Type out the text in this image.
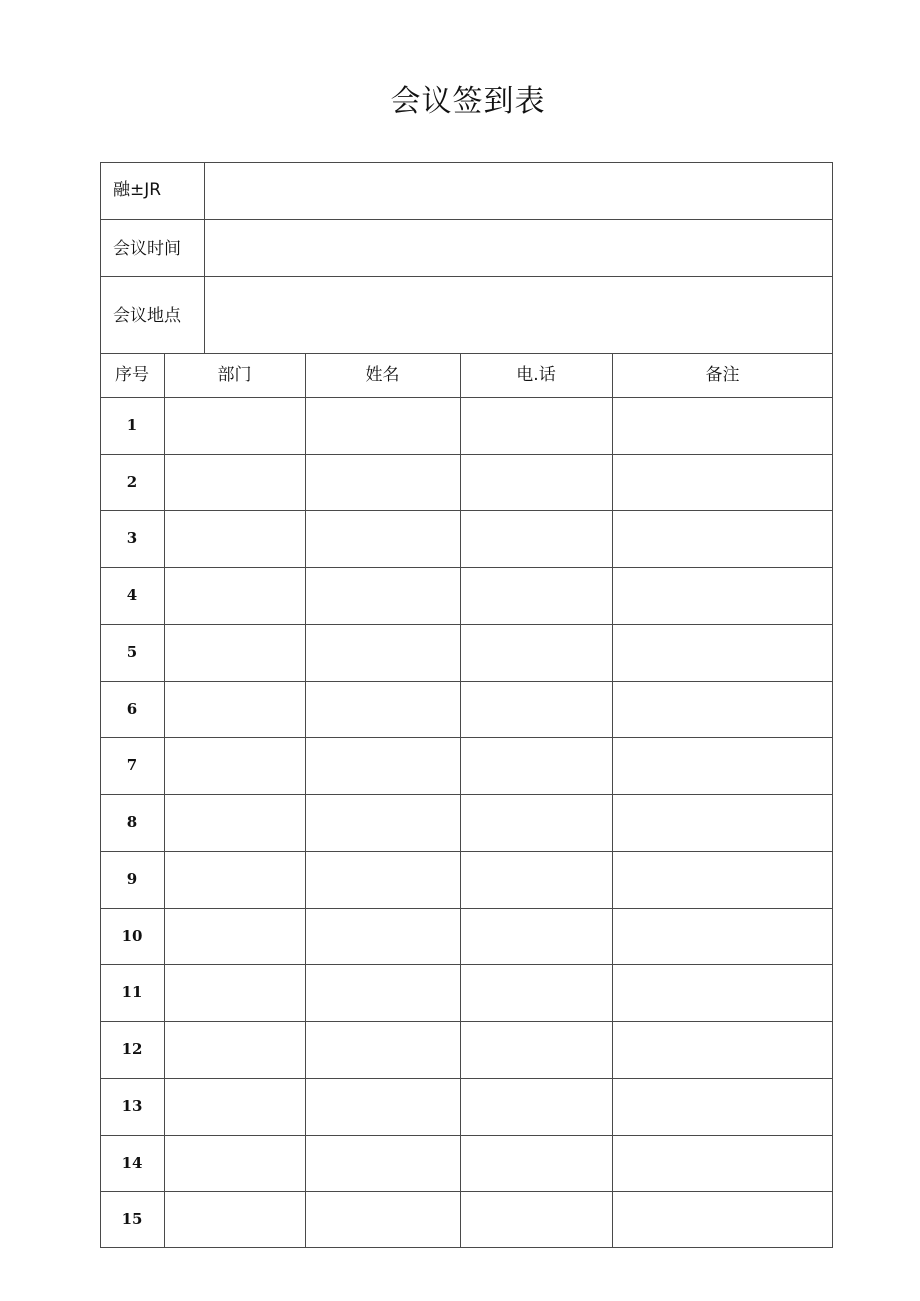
会议签到表
融±JR
会议时间
会议地点
序号	部门	姓名	电.话	备注
1
2
3
4
5
6
7
8
9
10
11
12
13
14
15
